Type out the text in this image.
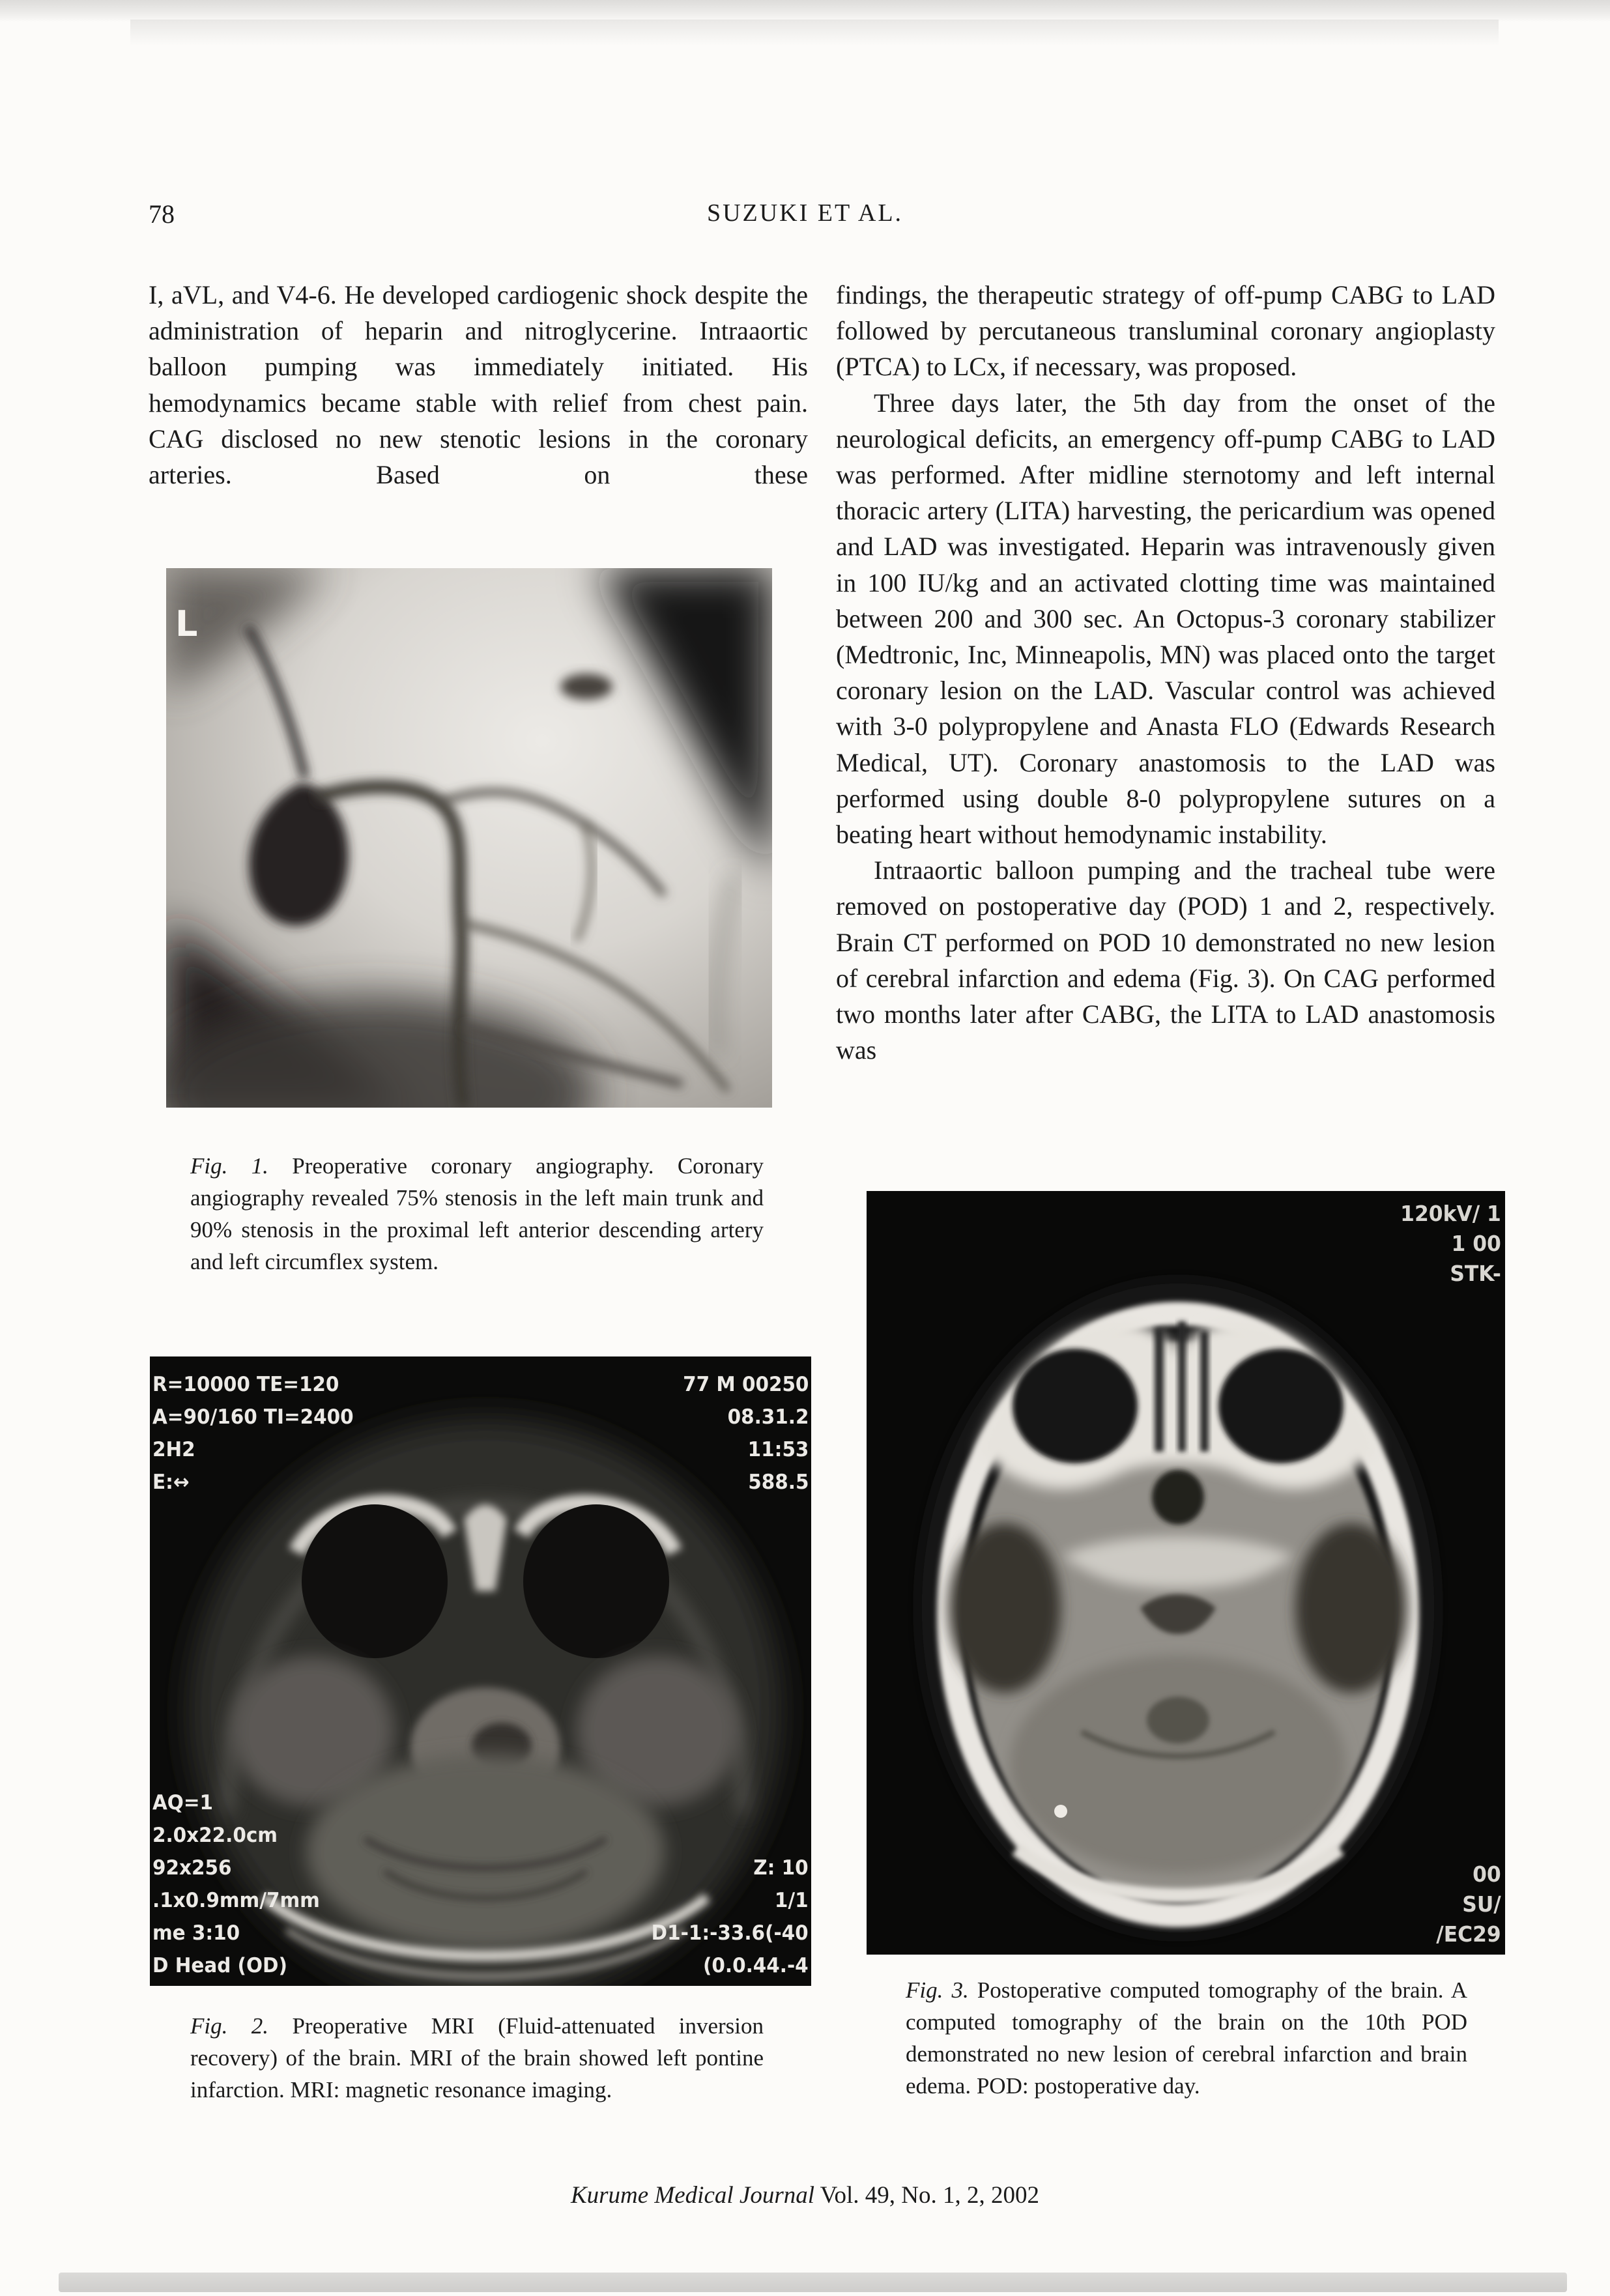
78	SUZUKI ET AL.

I, aVL, and V4-6. He developed cardiogenic shock despite the administration of heparin and nitroglycerine. Intraaortic balloon pumping was immediately initiated. His hemodynamics became stable with relief from chest pain. CAG disclosed no new stenotic lesions in the coronary arteries. Based on these

findings, the therapeutic strategy of off-pump CABG to LAD followed by percutaneous transluminal coronary angioplasty (PTCA) to LCx, if necessary, was proposed.

Three days later, the 5th day from the onset of the neurological deficits, an emergency off-pump CABG to LAD was performed. After midline sternotomy and left internal thoracic artery (LITA) harvesting, the pericardium was opened and LAD was investigated. Heparin was intravenously given in 100 IU/kg and an activated clotting time was maintained between 200 and 300 sec. An Octopus-3 coronary stabilizer (Medtronic, Inc, Minneapolis, MN) was placed onto the target coronary lesion on the LAD. Vascular control was achieved with 3-0 polypropylene and Anasta FLO (Edwards Research Medical, UT). Coronary anastomosis to the LAD was performed using double 8-0 polypropylene sutures on a beating heart without hemodynamic instability.

Intraaortic balloon pumping and the tracheal tube were removed on postoperative day (POD) 1 and 2, respectively. Brain CT performed on POD 10 demonstrated no new lesion of cerebral infarction and edema (Fig. 3). On CAG performed two months later after CABG, the LITA to LAD anastomosis was

L
Fig. 1. Preoperative coronary angiography. Coronary angiography revealed 75% stenosis in the left main trunk and 90% stenosis in the proximal left anterior descending artery and left circumflex system.
R=10000 TE=120
A=90/160 TI=2400
2H2
E:↔
77 M 00250
08.31.2
11:53
588.5
AQ=1
2.0x22.0cm
92x256
.1x0.9mm/7mm
me 3:10
D Head (OD)
Z: 10
1/1
D1-1:-33.6(-40
(0.0.44.-4
Fig. 2. Preoperative MRI (Fluid-attenuated inversion recovery) of the brain. MRI of the brain showed left pontine infarction. MRI: magnetic resonance imaging.
120kV/ 1
1 00
STK-
00
SU/
/EC29
Fig. 3. Postoperative computed tomography of the brain. A computed tomography of the brain on the 10th POD demonstrated no new lesion of cerebral infarction and brain edema. POD: postoperative day.
Kurume Medical Journal Vol. 49, No. 1, 2, 2002
